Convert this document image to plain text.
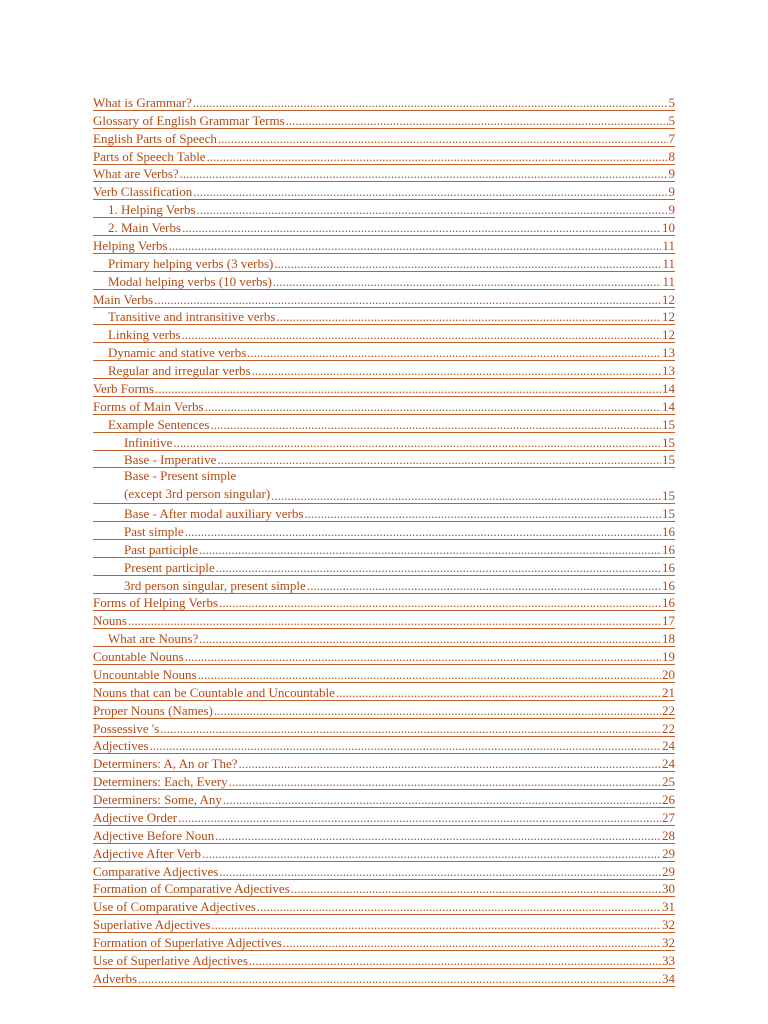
What is Grammar? .....	5
Glossary of English Grammar Terms .....	5
English Parts of Speech .....	7
Parts of Speech Table .....	8
What are Verbs? .....	9
Verb Classification .....	9
1. Helping Verbs .....	9
2. Main Verbs .....	10
Helping Verbs .....	11
Primary helping verbs (3 verbs) .....	11
Modal helping verbs (10 verbs) .....	11
Main Verbs .....	12
Transitive and intransitive verbs .....	12
Linking verbs .....	12
Dynamic and stative verbs .....	13
Regular and irregular verbs .....	13
Verb Forms .....	14
Forms of Main Verbs .....	14
Example Sentences .....	15
Infinitive .....	15
Base - Imperative .....	15
Base - Present simple
(except 3rd person singular) .....	15
Base - After modal auxiliary verbs .....	15
Past simple .....	16
Past participle .....	16
Present participle .....	16
3rd person singular, present simple .....	16
Forms of Helping Verbs .....	16
Nouns .....	17
What are Nouns? .....	18
Countable Nouns .....	19
Uncountable Nouns .....	20
Nouns that can be Countable and Uncountable .....	21
Proper Nouns (Names) .....	22
Possessive 's .....	22
Adjectives .....	24
Determiners: A, An or The? .....	24
Determiners: Each, Every .....	25
Determiners: Some, Any .....	26
Adjective Order .....	27
Adjective Before Noun .....	28
Adjective After Verb .....	29
Comparative Adjectives .....	29
Formation of Comparative Adjectives .....	30
Use of Comparative Adjectives .....	31
Superlative Adjectives .....	32
Formation of Superlative Adjectives .....	32
Use of Superlative Adjectives .....	33
Adverbs .....	34
